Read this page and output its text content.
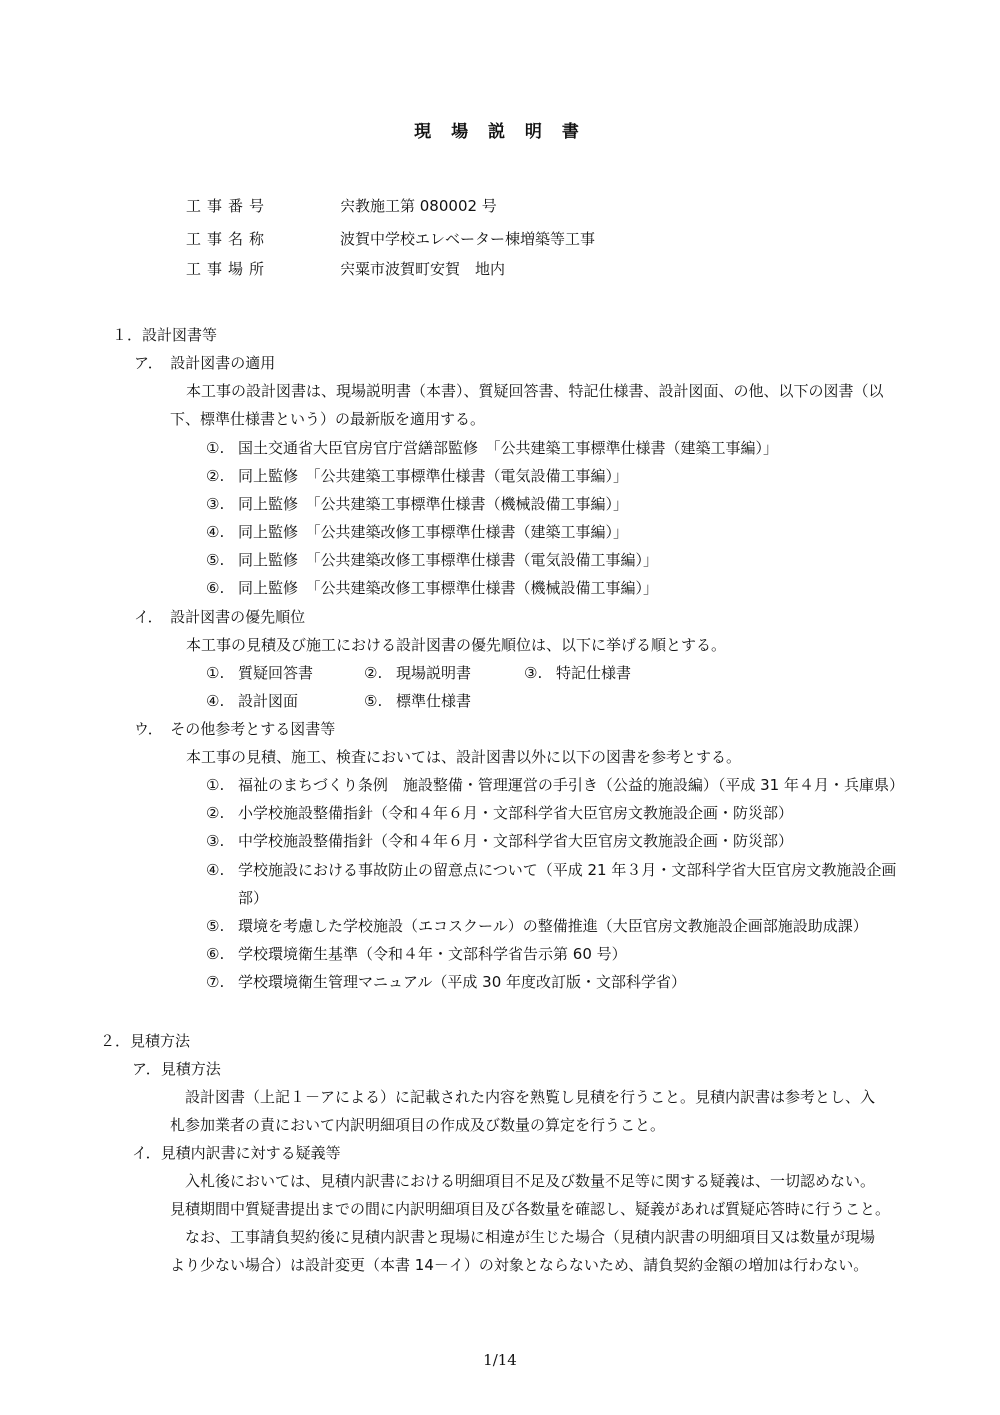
現 場 説 明 書
工事番号	宍教施工第 080002 号
工事名称	波賀中学校エレベーター棟増築等工事
工事場所	宍粟市波賀町安賀　地内
１．設計図書等
ア．　設計図書の適用
本工事の設計図書は、現場説明書（本書）、質疑回答書、特記仕様書、設計図面、の他、以下の図書（以
下、標準仕様書という）の最新版を適用する。
①. 国土交通省大臣官房官庁営繕部監修　「公共建築工事標準仕様書（建築工事編）」
②. 同上監修　「公共建築工事標準仕様書（電気設備工事編）」
③. 同上監修　「公共建築工事標準仕様書（機械設備工事編）」
④. 同上監修　「公共建築改修工事標準仕様書（建築工事編）」
⑤. 同上監修　「公共建築改修工事標準仕様書（電気設備工事編）」
⑥. 同上監修　「公共建築改修工事標準仕様書（機械設備工事編）」
イ．　設計図書の優先順位
本工事の見積及び施工における設計図書の優先順位は、以下に挙げる順とする。
①. 質疑回答書	②. 現場説明書	③. 特記仕様書
④. 設計図面	⑤. 標準仕様書
ウ．　その他参考とする図書等
本工事の見積、施工、検査においては、設計図書以外に以下の図書を参考とする。
①. 福祉のまちづくり条例　施設整備・管理運営の手引き（公益的施設編）（平成 31 年４月・兵庫県）
②. 小学校施設整備指針（令和４年６月・文部科学省大臣官房文教施設企画・防災部）
③. 中学校施設整備指針（令和４年６月・文部科学省大臣官房文教施設企画・防災部）
④. 学校施設における事故防止の留意点について（平成 21 年３月・文部科学省大臣官房文教施設企画
部）
⑤. 環境を考慮した学校施設（エコスクール）の整備推進（大臣官房文教施設企画部施設助成課）
⑥. 学校環境衛生基準（令和４年・文部科学省告示第 60 号）
⑦. 学校環境衛生管理マニュアル（平成 30 年度改訂版・文部科学省）
２．見積方法
ア．見積方法
設計図書（上記１－アによる）に記載された内容を熟覧し見積を行うこと。見積内訳書は参考とし、入
札参加業者の責において内訳明細項目の作成及び数量の算定を行うこと。
イ．見積内訳書に対する疑義等
入札後においては、見積内訳書における明細項目不足及び数量不足等に関する疑義は、一切認めない。
見積期間中質疑書提出までの間に内訳明細項目及び各数量を確認し、疑義があれば質疑応答時に行うこと。
なお、工事請負契約後に見積内訳書と現場に相違が生じた場合（見積内訳書の明細項目又は数量が現場
より少ない場合）は設計変更（本書 14－イ）の対象とならないため、請負契約金額の増加は行わない。
1/14
